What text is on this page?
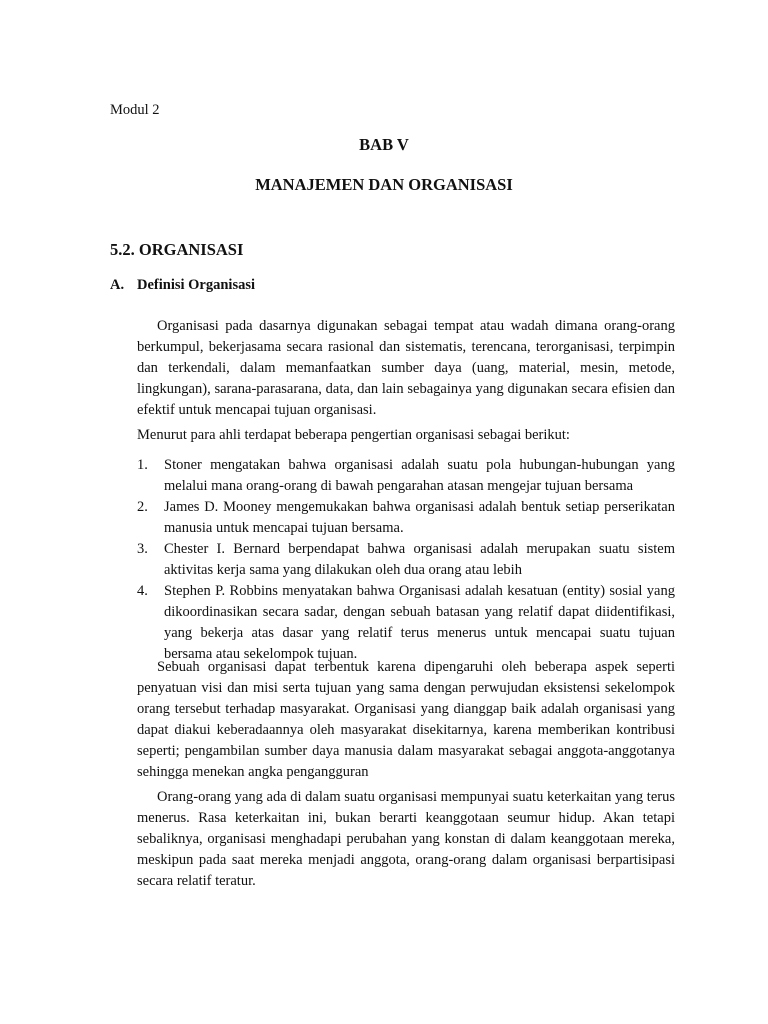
Modul 2
BAB V
MANAJEMEN DAN ORGANISASI
5.2. ORGANISASI
A. Definisi Organisasi

Organisasi pada dasarnya digunakan sebagai tempat atau wadah dimana orang-orang berkumpul, bekerjasama secara rasional dan sistematis, terencana, terorganisasi, terpimpin dan terkendali, dalam memanfaatkan sumber daya (uang, material, mesin, metode, lingkungan), sarana-parasarana, data, dan lain sebagainya yang digunakan secara efisien dan efektif untuk mencapai tujuan organisasi.

Menurut para ahli terdapat beberapa pengertian organisasi sebagai berikut:

1. Stoner mengatakan bahwa organisasi adalah suatu pola hubungan-hubungan yang melalui mana orang-orang di bawah pengarahan atasan mengejar tujuan bersama
2. James D. Mooney mengemukakan bahwa organisasi adalah bentuk setiap perserikatan manusia untuk mencapai tujuan bersama.
3. Chester I. Bernard berpendapat bahwa organisasi adalah merupakan suatu sistem aktivitas kerja sama yang dilakukan oleh dua orang atau lebih
4. Stephen P. Robbins menyatakan bahwa Organisasi adalah kesatuan (entity) sosial yang dikoordinasikan secara sadar, dengan sebuah batasan yang relatif dapat diidentifikasi, yang bekerja atas dasar yang relatif terus menerus untuk mencapai suatu tujuan bersama atau sekelompok tujuan.

Sebuah organisasi dapat terbentuk karena dipengaruhi oleh beberapa aspek seperti penyatuan visi dan misi serta tujuan yang sama dengan perwujudan eksistensi sekelompok orang tersebut terhadap masyarakat. Organisasi yang dianggap baik adalah organisasi yang dapat diakui keberadaannya oleh masyarakat disekitarnya, karena memberikan kontribusi seperti; pengambilan sumber daya manusia dalam masyarakat sebagai anggota-anggotanya sehingga menekan angka pengangguran

Orang-orang yang ada di dalam suatu organisasi mempunyai suatu keterkaitan yang terus menerus. Rasa keterkaitan ini, bukan berarti keanggotaan seumur hidup. Akan tetapi sebaliknya, organisasi menghadapi perubahan yang konstan di dalam keanggotaan mereka, meskipun pada saat mereka menjadi anggota, orang-orang dalam organisasi berpartisipasi secara relatif teratur.
